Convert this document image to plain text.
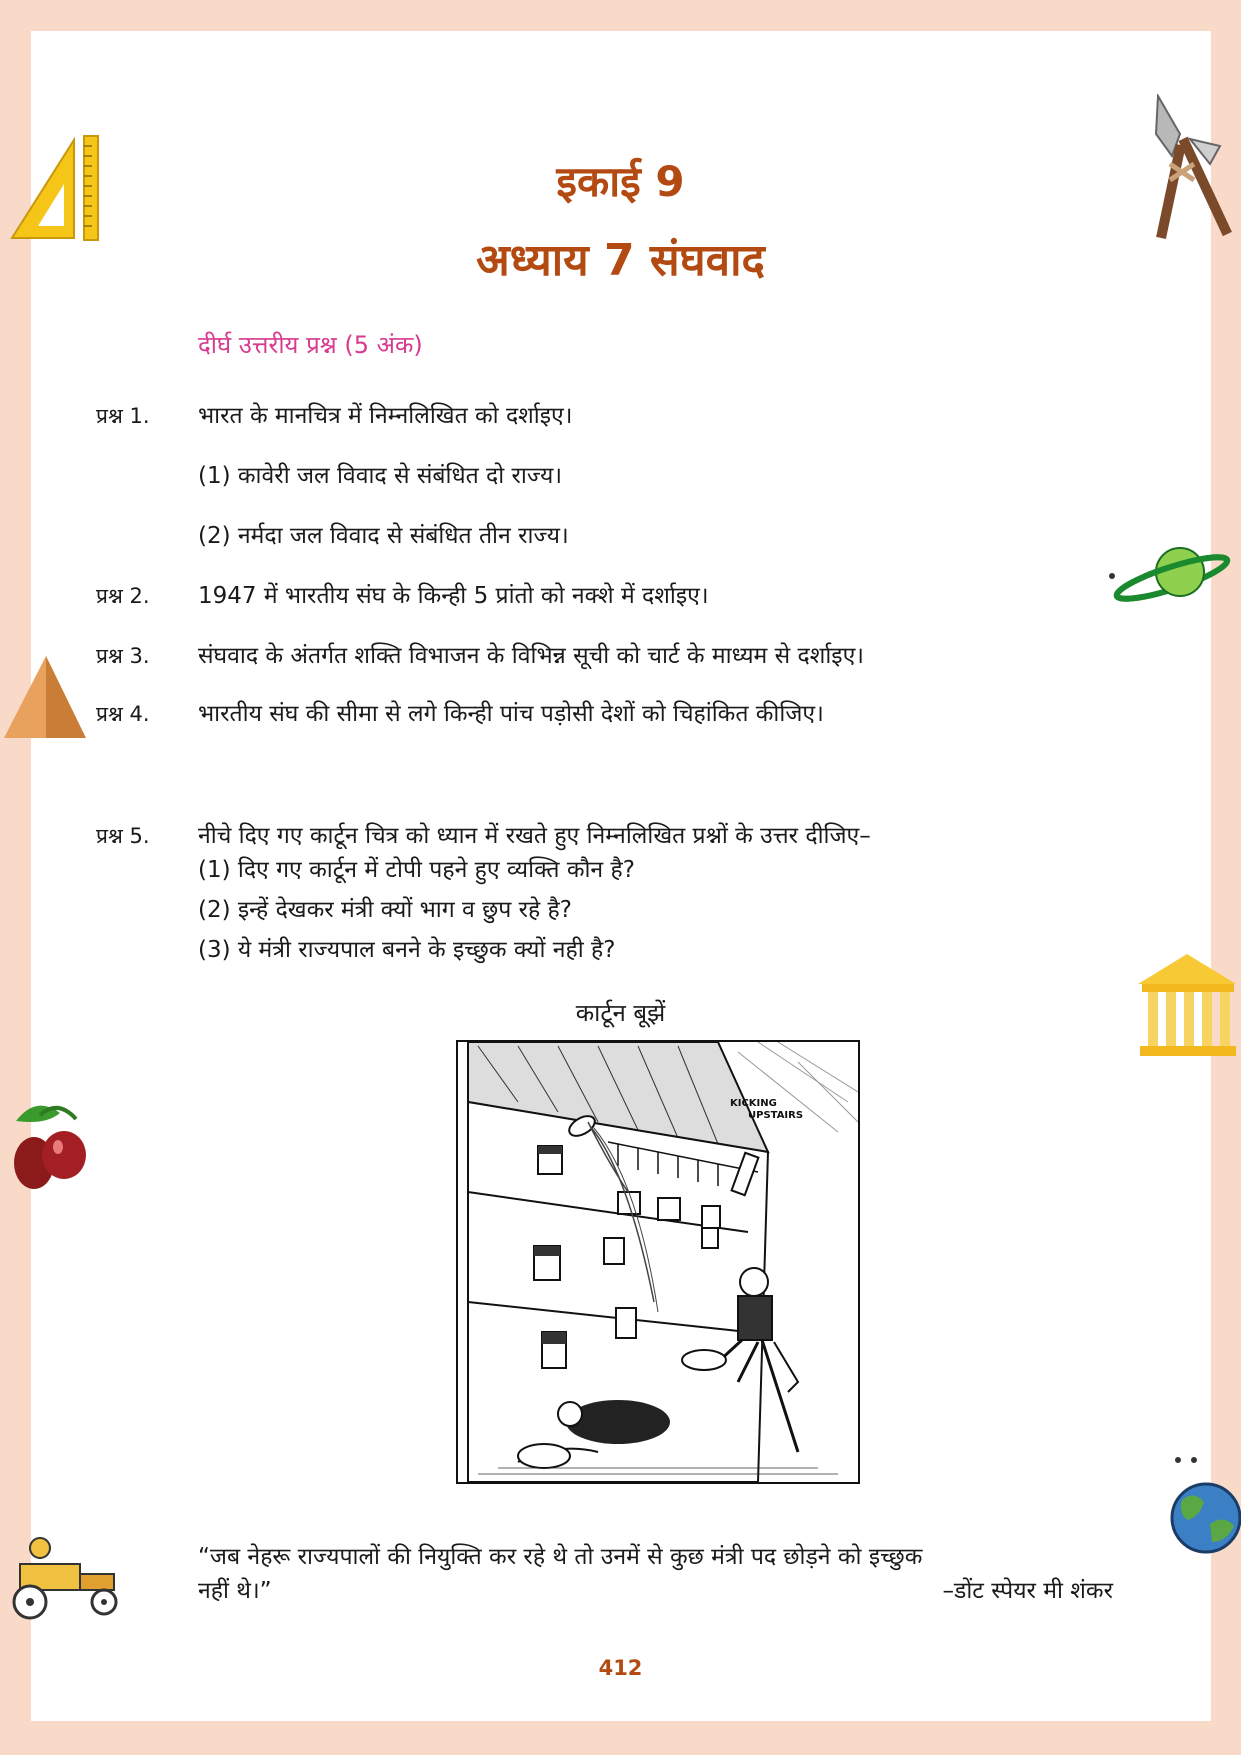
इकाई 9
अध्याय 7 संघवाद
दीर्घ उत्तरीय प्रश्न (5 अंक)
प्रश्न 1. भारत के मानचित्र में निम्नलिखित को दर्शाइए।
(1) कावेरी जल विवाद से संबंधित दो राज्य।
(2) नर्मदा जल विवाद से संबंधित तीन राज्य।
प्रश्न 2. 1947 में भारतीय संघ के किन्ही 5 प्रांतो को नक्शे में दर्शाइए।
प्रश्न 3. संघवाद के अंतर्गत शक्ति विभाजन के विभिन्न सूची को चार्ट के माध्यम से दर्शाइए।
प्रश्न 4. भारतीय संघ की सीमा से लगे किन्ही पांच पड़ोसी देशों को चिहांकित कीजिए।
प्रश्न 5. नीचे दिए गए कार्टून चित्र को ध्यान में रखते हुए निम्नलिखित प्रश्नों के उत्तर दीजिए–
(1) दिए गए कार्टून में टोपी पहने हुए व्यक्ति कौन है?
(2) इन्हें देखकर मंत्री क्यों भाग व छुप रहे है?
(3) ये मंत्री राज्यपाल बनने के इच्छुक क्यों नही है?
कार्टून बूझें
KICKING
UPSTAIRS
“जब नेहरू राज्यपालों की नियुक्ति कर रहे थे तो उनमें से कुछ मंत्री पद छोड़ने को इच्छुक
नहीं थे।”	–डोंट स्पेयर मी शंकर
412
